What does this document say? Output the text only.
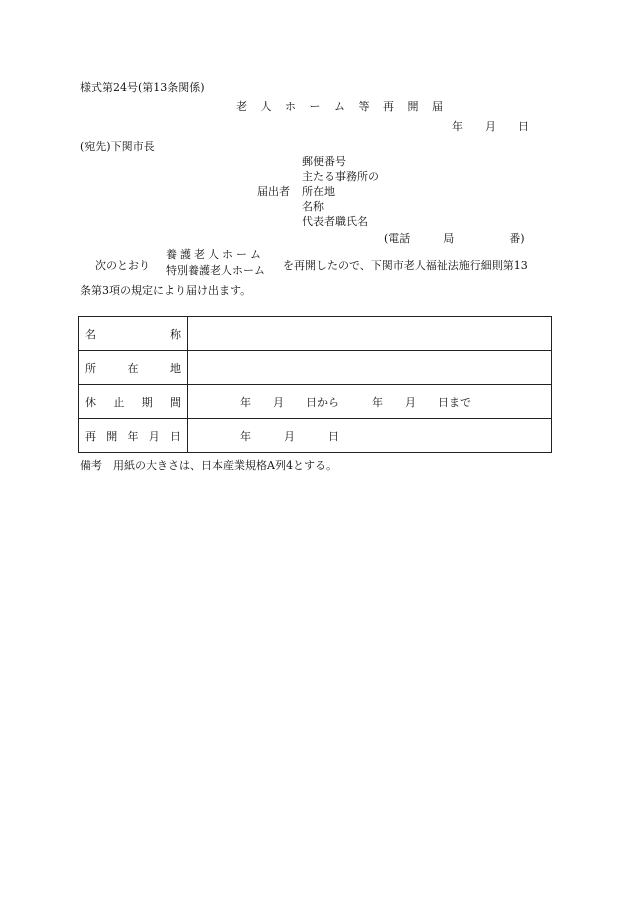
様式第24号(第13条関係)
老 人 ホ ー ム 等 再 開 届
年　　月　　日
(宛先)下関市長
郵便番号
主たる事務所の
届出者 所在地
名称
代表者職氏名
(電話　　　局　　　　　番)
次のとおり
養護老人ホーム
特別養護老人ホーム を再開したので、下関市老人福祉法施行細則第13
条第3項の規定により届け出ます。
名称	

所在地	

休止期間	年　　月　　日から　　　年　　月　　日まで

再開年月日	年　　　月　　　日
備考　用紙の大きさは、日本産業規格A列4とする。
